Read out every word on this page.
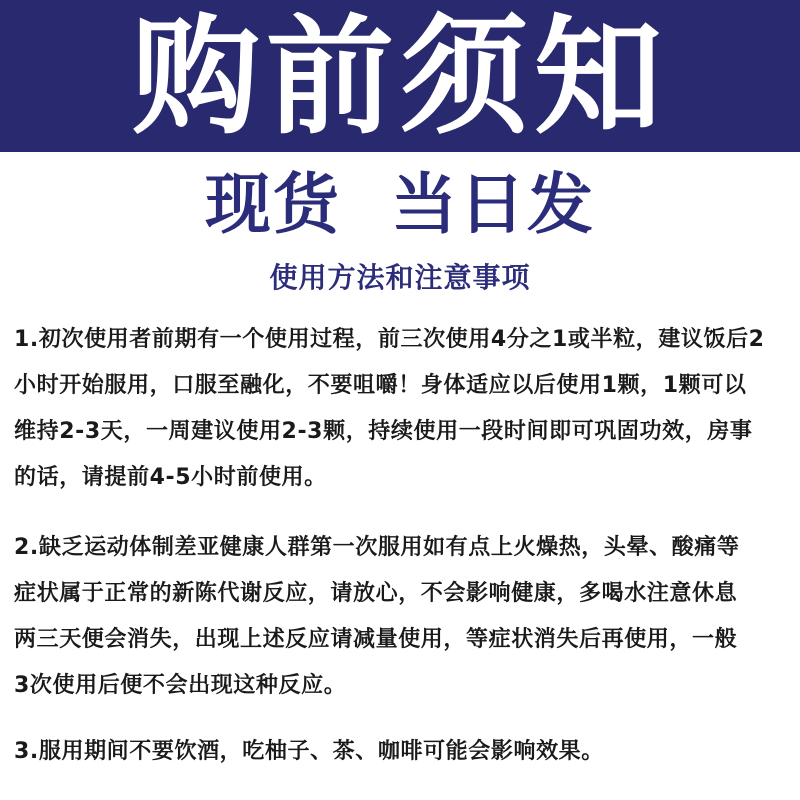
购前须知
现货  当日发
使用方法和注意事项
1.初次使用者前期有一个使用过程，前三次使用4分之1或半粒，建议饭后2
小时开始服用，口服至融化，不要咀嚼！身体适应以后使用1颗，1颗可以
维持2-3天，一周建议使用2-3颗，持续使用一段时间即可巩固功效，房事
的话，请提前4-5小时前使用。
2.缺乏运动体制差亚健康人群第一次服用如有点上火燥热，头晕、酸痛等
症状属于正常的新陈代谢反应，请放心，不会影响健康，多喝水注意休息
两三天便会消失，出现上述反应请减量使用，等症状消失后再使用，一般
3次使用后便不会出现这种反应。
3.服用期间不要饮酒，吃柚子、茶、咖啡可能会影响效果。
